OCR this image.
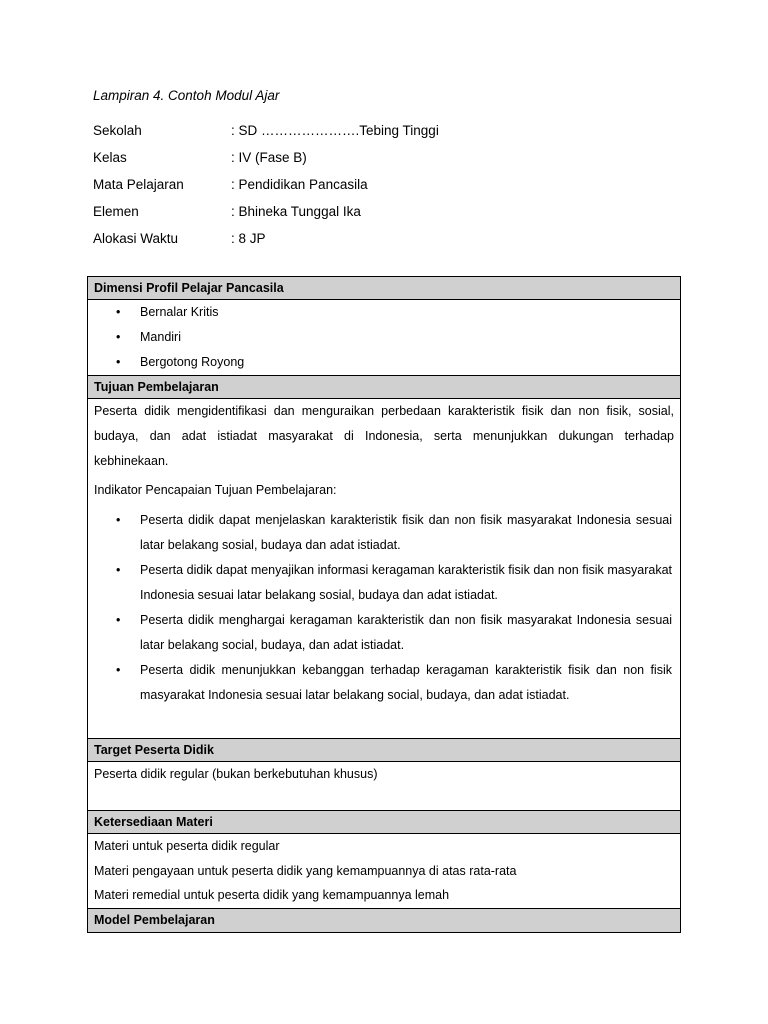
Lampiran 4. Contoh Modul Ajar
Sekolah	: SD ………………….Tebing Tinggi
Kelas	: IV (Fase B)
Mata Pelajaran	: Pendidikan Pancasila
Elemen	: Bhineka Tunggal Ika
Alokasi Waktu	: 8 JP
Dimensi Profil Pelajar Pancasila
• Bernalar Kritis
• Mandiri
• Bergotong Royong
Tujuan Pembelajaran
Peserta didik mengidentifikasi dan menguraikan perbedaan karakteristik fisik dan non fisik, sosial, budaya, dan adat istiadat masyarakat di Indonesia, serta menunjukkan dukungan terhadap kebhinekaan.
Indikator Pencapaian Tujuan Pembelajaran:
• Peserta didik dapat menjelaskan karakteristik fisik dan non fisik masyarakat Indonesia sesuai latar belakang sosial, budaya dan adat istiadat.
• Peserta didik dapat menyajikan informasi keragaman karakteristik fisik dan non fisik masyarakat Indonesia sesuai latar belakang sosial, budaya dan adat istiadat.
• Peserta didik menghargai keragaman karakteristik dan non fisik masyarakat Indonesia sesuai latar belakang social, budaya, dan adat istiadat.
• Peserta didik menunjukkan kebanggan terhadap keragaman karakteristik fisik dan non fisik masyarakat Indonesia sesuai latar belakang social, budaya, dan adat istiadat.
Target Peserta Didik
Peserta didik regular (bukan berkebutuhan khusus)
Ketersediaan Materi
Materi untuk peserta didik regular
Materi pengayaan untuk peserta didik yang kemampuannya di atas rata-rata
Materi remedial untuk peserta didik yang kemampuannya lemah
Model Pembelajaran
